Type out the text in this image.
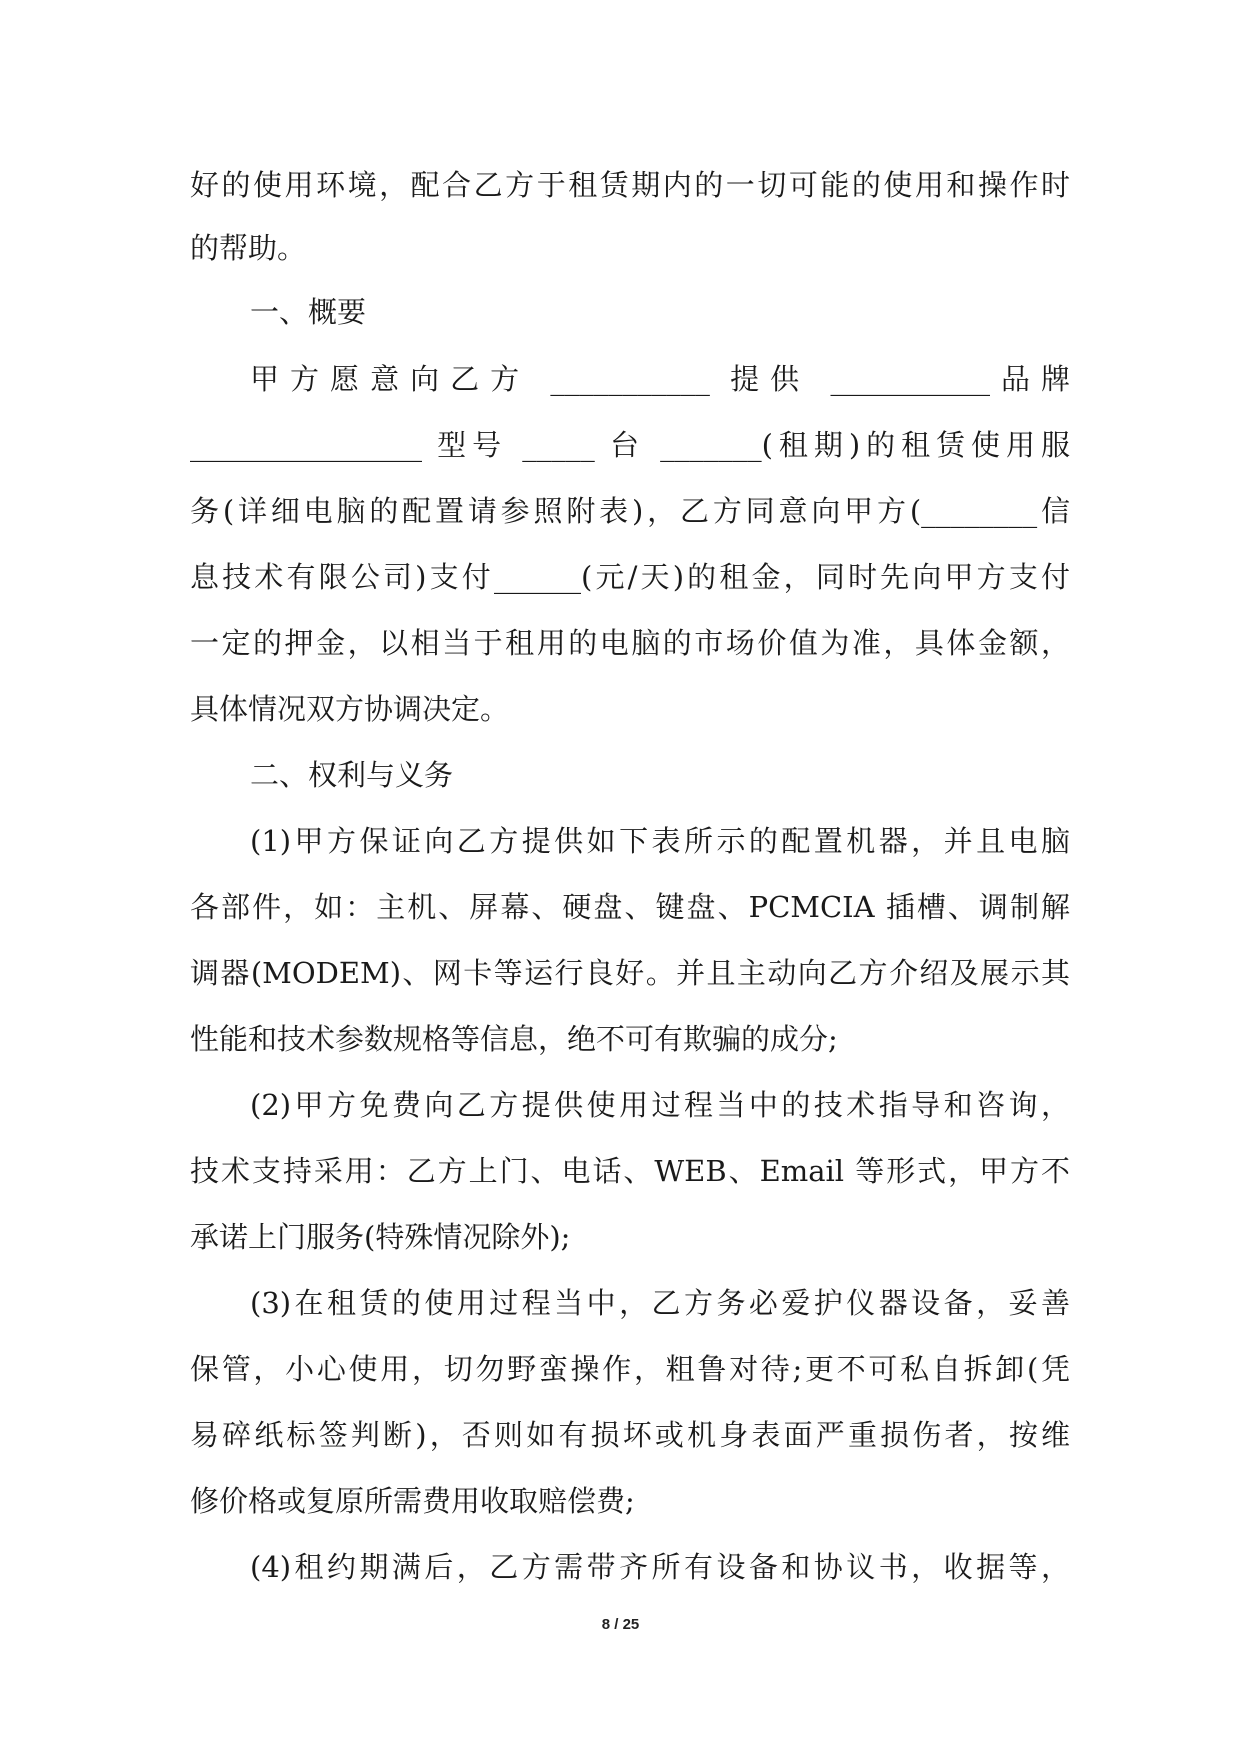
好的使用环境，配合乙方于租赁期内的一切可能的使用和操作时
的帮助。
一、概要
甲方愿意向乙方 ___________ 提供 ___________品牌
________________ 型号 _____ 台 _______(租期)的租赁使用服
务(详细电脑的配置请参照附表)，乙方同意向甲方(________信
息技术有限公司)支付______(元/天)的租金，同时先向甲方支付
一定的押金，以相当于租用的电脑的市场价值为准，具体金额，
具体情况双方协调决定。
二、权利与义务
(1)甲方保证向乙方提供如下表所示的配置机器，并且电脑
各部件，如：主机、屏幕、硬盘、键盘、PCMCIA 插槽、调制解
调器(MODEM)、网卡等运行良好。并且主动向乙方介绍及展示其
性能和技术参数规格等信息，绝不可有欺骗的成分;
(2)甲方免费向乙方提供使用过程当中的技术指导和咨询，
技术支持采用：乙方上门、电话、WEB、Email 等形式，甲方不
承诺上门服务(特殊情况除外);
(3)在租赁的使用过程当中，乙方务必爱护仪器设备，妥善
保管，小心使用，切勿野蛮操作，粗鲁对待;更不可私自拆卸(凭
易碎纸标签判断)，否则如有损坏或机身表面严重损伤者，按维
修价格或复原所需费用收取赔偿费;
(4)租约期满后，乙方需带齐所有设备和协议书，收据等，
8 / 25
